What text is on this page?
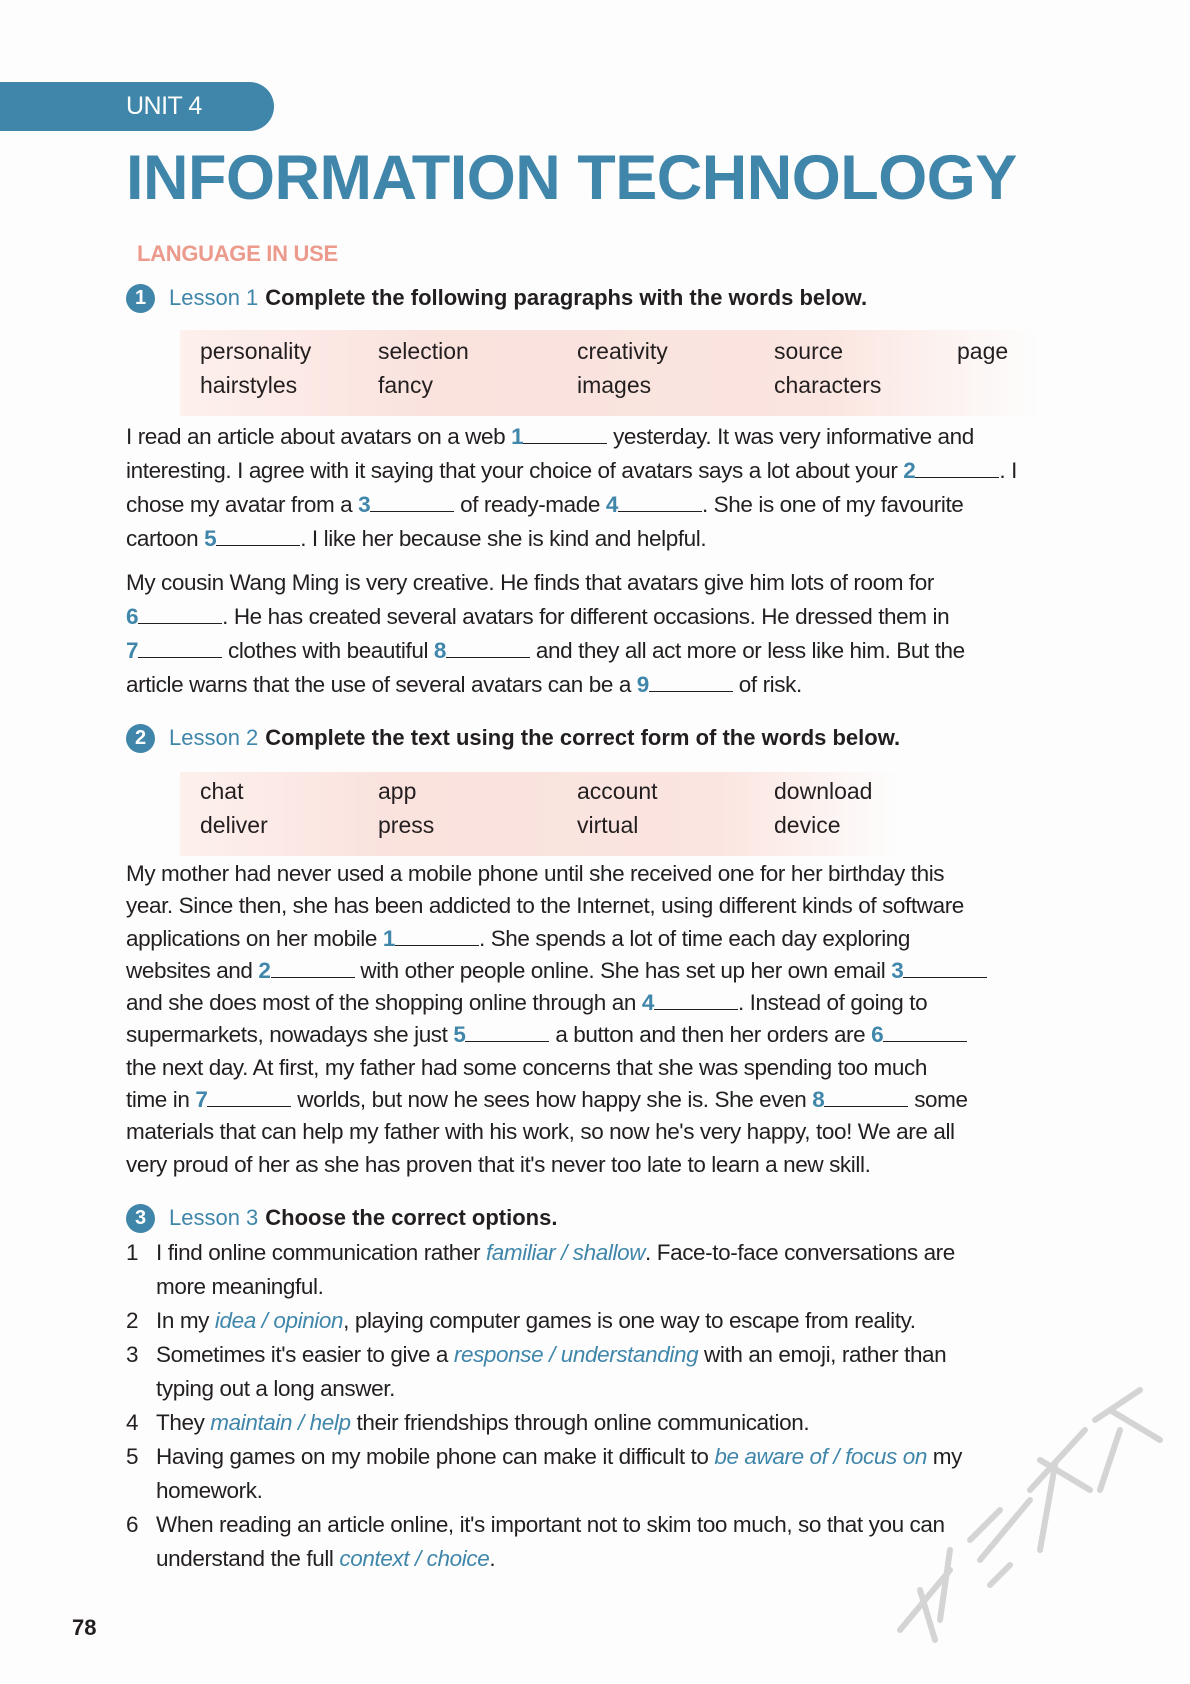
UNIT 4
INFORMATION TECHNOLOGY
LANGUAGE IN USE
1	Lesson 1 Complete the following paragraphs with the words below.
personality	selection	creativity	source	page
hairstyles	fancy	images	characters
I read an article about avatars on a web 1	yesterday. It was very informative and
interesting. I agree with it saying that your choice of avatars says a lot about your 2	. I
chose my avatar from a 3	of ready-made 4	. She is one of my favourite
cartoon 5	. I like her because she is kind and helpful.
My cousin Wang Ming is very creative. He finds that avatars give him lots of room for
6	. He has created several avatars for different occasions. He dressed them in
7	clothes with beautiful 8	and they all act more or less like him. But the
article warns that the use of several avatars can be a 9	of risk.
2	Lesson 2 Complete the text using the correct form of the words below.
chat	app	account	download
deliver	press	virtual	device
My mother had never used a mobile phone until she received one for her birthday this
year. Since then, she has been addicted to the Internet, using different kinds of software
applications on her mobile 1	. She spends a lot of time each day exploring
websites and 2	with other people online. She has set up her own email 3
and she does most of the shopping online through an 4	. Instead of going to
supermarkets, nowadays she just 5	a button and then her orders are 6
the next day. At first, my father had some concerns that she was spending too much
time in 7	worlds, but now he sees how happy she is. She even 8	some
materials that can help my father with his work, so now he's very happy, too! We are all
very proud of her as she has proven that it's never too late to learn a new skill.
3	Lesson 3 Choose the correct options.
1 I find online communication rather familiar / shallow. Face-to-face conversations are
more meaningful.
2 In my idea / opinion, playing computer games is one way to escape from reality.
3 Sometimes it's easier to give a response / understanding with an emoji, rather than
typing out a long answer.
4 They maintain / help their friendships through online communication.
5 Having games on my mobile phone can make it difficult to be aware of / focus on my
homework.
6 When reading an article online, it's important not to skim too much, so that you can
understand the full context / choice.
78
